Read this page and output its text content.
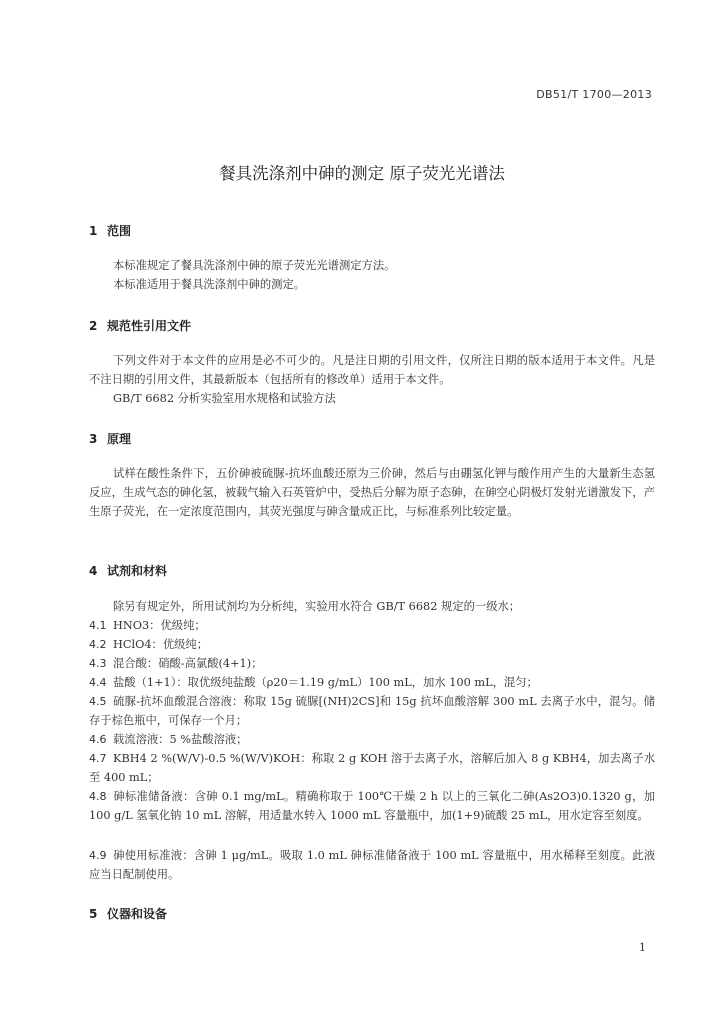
DB51/T 1700—2013
餐具洗涤剂中砷的测定 原子荧光光谱法
1 范围
本标准规定了餐具洗涤剂中砷的原子荧光光谱测定方法。
本标准适用于餐具洗涤剂中砷的测定。
2 规范性引用文件
下列文件对于本文件的应用是必不可少的。凡是注日期的引用文件，仅所注日期的版本适用于本文件。凡是不注日期的引用文件，其最新版本（包括所有的修改单）适用于本文件。
GB/T 6682 分析实验室用水规格和试验方法
3 原理
试样在酸性条件下，五价砷被硫脲-抗坏血酸还原为三价砷，然后与由硼氢化钾与酸作用产生的大量新生态氢反应，生成气态的砷化氢，被载气输入石英管炉中，受热后分解为原子态砷，在砷空心阴极灯发射光谱激发下，产生原子荧光，在一定浓度范围内，其荧光强度与砷含量成正比，与标准系列比较定量。
4 试剂和材料
除另有规定外，所用试剂均为分析纯，实验用水符合 GB/T 6682 规定的一级水；
4.1 HNO3：优级纯；
4.2 HClO4：优级纯；
4.3 混合酸：硝酸-高氯酸(4+1)；
4.4 盐酸（1+1）：取优级纯盐酸（ρ20＝1.19 g/mL）100 mL，加水 100 mL，混匀；
4.5 硫脲-抗坏血酸混合溶液：称取 15g 硫脲[(NH)2CS]和 15g 抗坏血酸溶解 300 mL 去离子水中，混匀。储存于棕色瓶中，可保存一个月；
4.6 载流溶液：5 %盐酸溶液；
4.7 KBH4 2 %(W/V)-0.5 %(W/V)KOH：称取 2 g KOH 溶于去离子水，溶解后加入 8 g KBH4，加去离子水至 400 mL；
4.8 砷标准储备液：含砷 0.1 mg/mL。精确称取于 100℃干燥 2 h 以上的三氧化二砷(As2O3)0.1320 g，加 100 g/L 氢氧化钠 10 mL 溶解，用适量水转入 1000 mL 容量瓶中，加(1+9)硫酸 25 mL，用水定容至刻度。
4.9 砷使用标准液：含砷 1 μg/mL。吸取 1.0 mL 砷标准储备液于 100 mL 容量瓶中，用水稀释至刻度。此液应当日配制使用。
5 仪器和设备
1
